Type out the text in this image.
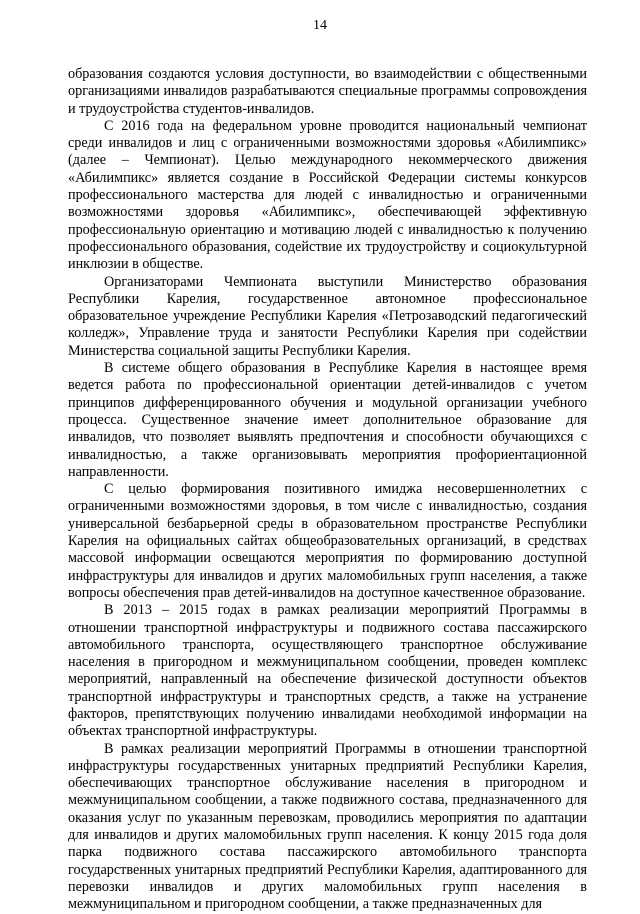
14

образования создаются условия доступности, во взаимодействии с общественными организациями инвалидов разрабатываются специальные программы сопровождения и трудоустройства студентов-инвалидов.

С 2016 года на федеральном уровне проводится национальный чемпионат среди инвалидов и лиц с ограниченными возможностями здоровья «Абилимпикс» (далее – Чемпионат). Целью международного некоммерческого движения «Абилимпикс» является создание в Российской Федерации системы конкурсов профессионального мастерства для людей с инвалидностью и ограниченными возможностями здоровья «Абилимпикс», обеспечивающей эффективную профессиональную ориентацию и мотивацию людей с инвалидностью к получению профессионального образования, содействие их трудоустройству и социокультурной инклюзии в обществе.

Организаторами Чемпионата выступили Министерство образования Республики Карелия, государственное автономное профессиональное образовательное учреждение Республики Карелия «Петрозаводский педагогический колледж», Управление труда и занятости Республики Карелия при содействии Министерства социальной защиты Республики Карелия.

В системе общего образования в Республике Карелия в настоящее время ведется работа по профессиональной ориентации детей-инвалидов с учетом принципов дифференцированного обучения и модульной организации учебного процесса. Существенное значение имеет дополнительное образование для инвалидов, что позволяет выявлять предпочтения и способности обучающихся с инвалидностью, а также организовывать мероприятия профориентационной направленности.

С целью формирования позитивного имиджа несовершеннолетних с ограниченными возможностями здоровья, в том числе с инвалидностью, создания универсальной безбарьерной среды в образовательном пространстве Республики Карелия на официальных сайтах общеобразовательных организаций, в средствах массовой информации освещаются мероприятия по формированию доступной инфраструктуры для инвалидов и других маломобильных групп населения, а также вопросы обеспечения прав детей-инвалидов на доступное качественное образование.

В 2013 – 2015 годах в рамках реализации мероприятий Программы в отношении транспортной инфраструктуры и подвижного состава пассажирского автомобильного транспорта, осуществляющего транспортное обслуживание населения в пригородном и межмуниципальном сообщении, проведен комплекс мероприятий, направленный на обеспечение физической доступности объектов транспортной инфраструктуры и транспортных средств, а также на устранение факторов, препятствующих получению инвалидами необходимой информации на объектах транспортной инфраструктуры.

В рамках реализации мероприятий Программы в отношении транспортной инфраструктуры государственных унитарных предприятий Республики Карелия, обеспечивающих транспортное обслуживание населения в пригородном и межмуниципальном сообщении, а также подвижного состава, предназначенного для оказания услуг по указанным перевозкам, проводились мероприятия по адаптации для инвалидов и других маломобильных групп населения. К концу 2015 года доля парка подвижного состава пассажирского автомобильного транспорта государственных унитарных предприятий Республики Карелия, адаптированного для перевозки инвалидов и других маломобильных групп населения в межмуниципальном и пригородном сообщении, а также предназначенных для
